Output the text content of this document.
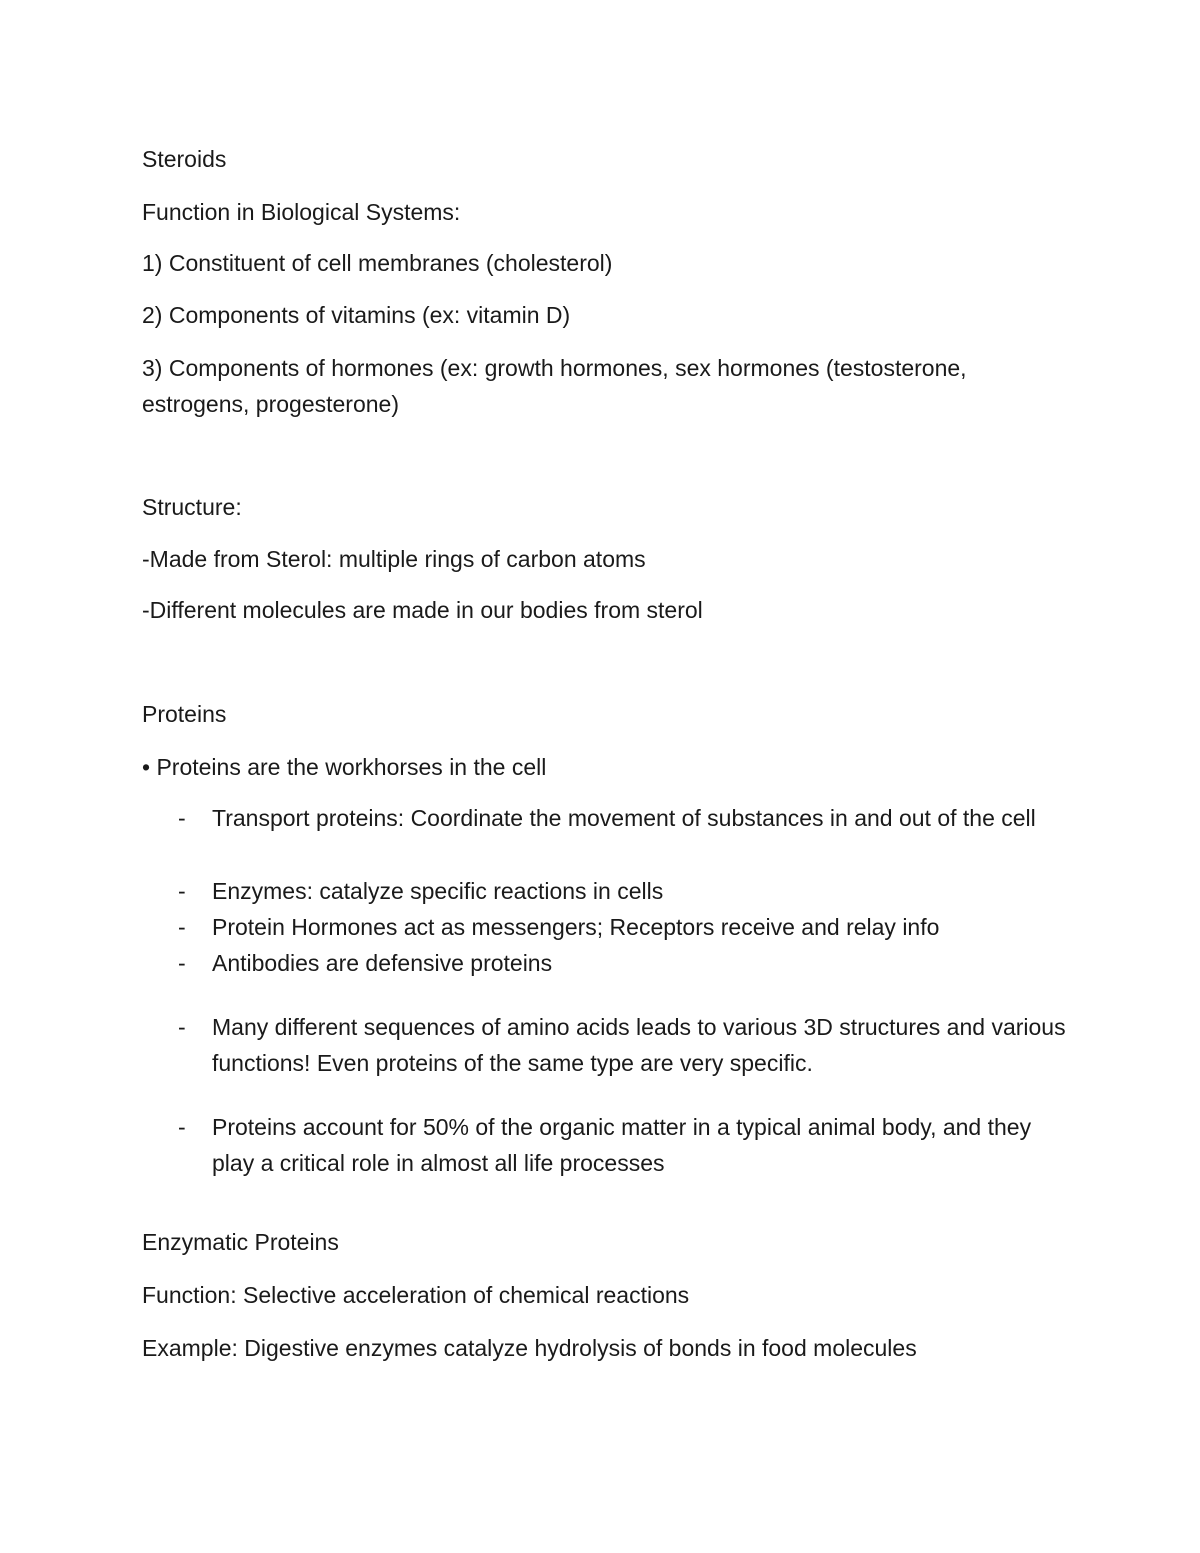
Steroids
Function in Biological Systems:
1) Constituent of cell membranes (cholesterol)
2) Components of vitamins (ex: vitamin D)
3) Components of hormones (ex: growth hormones, sex hormones (testosterone, estrogens, progesterone)
Structure:
-Made from Sterol: multiple rings of carbon atoms
-Different molecules are made in our bodies from sterol
Proteins
• Proteins are the workhorses in the cell
-	Transport proteins: Coordinate the movement of substances in and out of the cell
-	Enzymes: catalyze specific reactions in cells
-	Protein Hormones act as messengers; Receptors receive and relay info
-	Antibodies are defensive proteins
-	Many different sequences of amino acids leads to various 3D structures and various functions! Even proteins of the same type are very specific.
-	Proteins account for 50% of the organic matter in a typical animal body, and they play a critical role in almost all life processes
Enzymatic Proteins
Function: Selective acceleration of chemical reactions
Example: Digestive enzymes catalyze hydrolysis of bonds in food molecules
